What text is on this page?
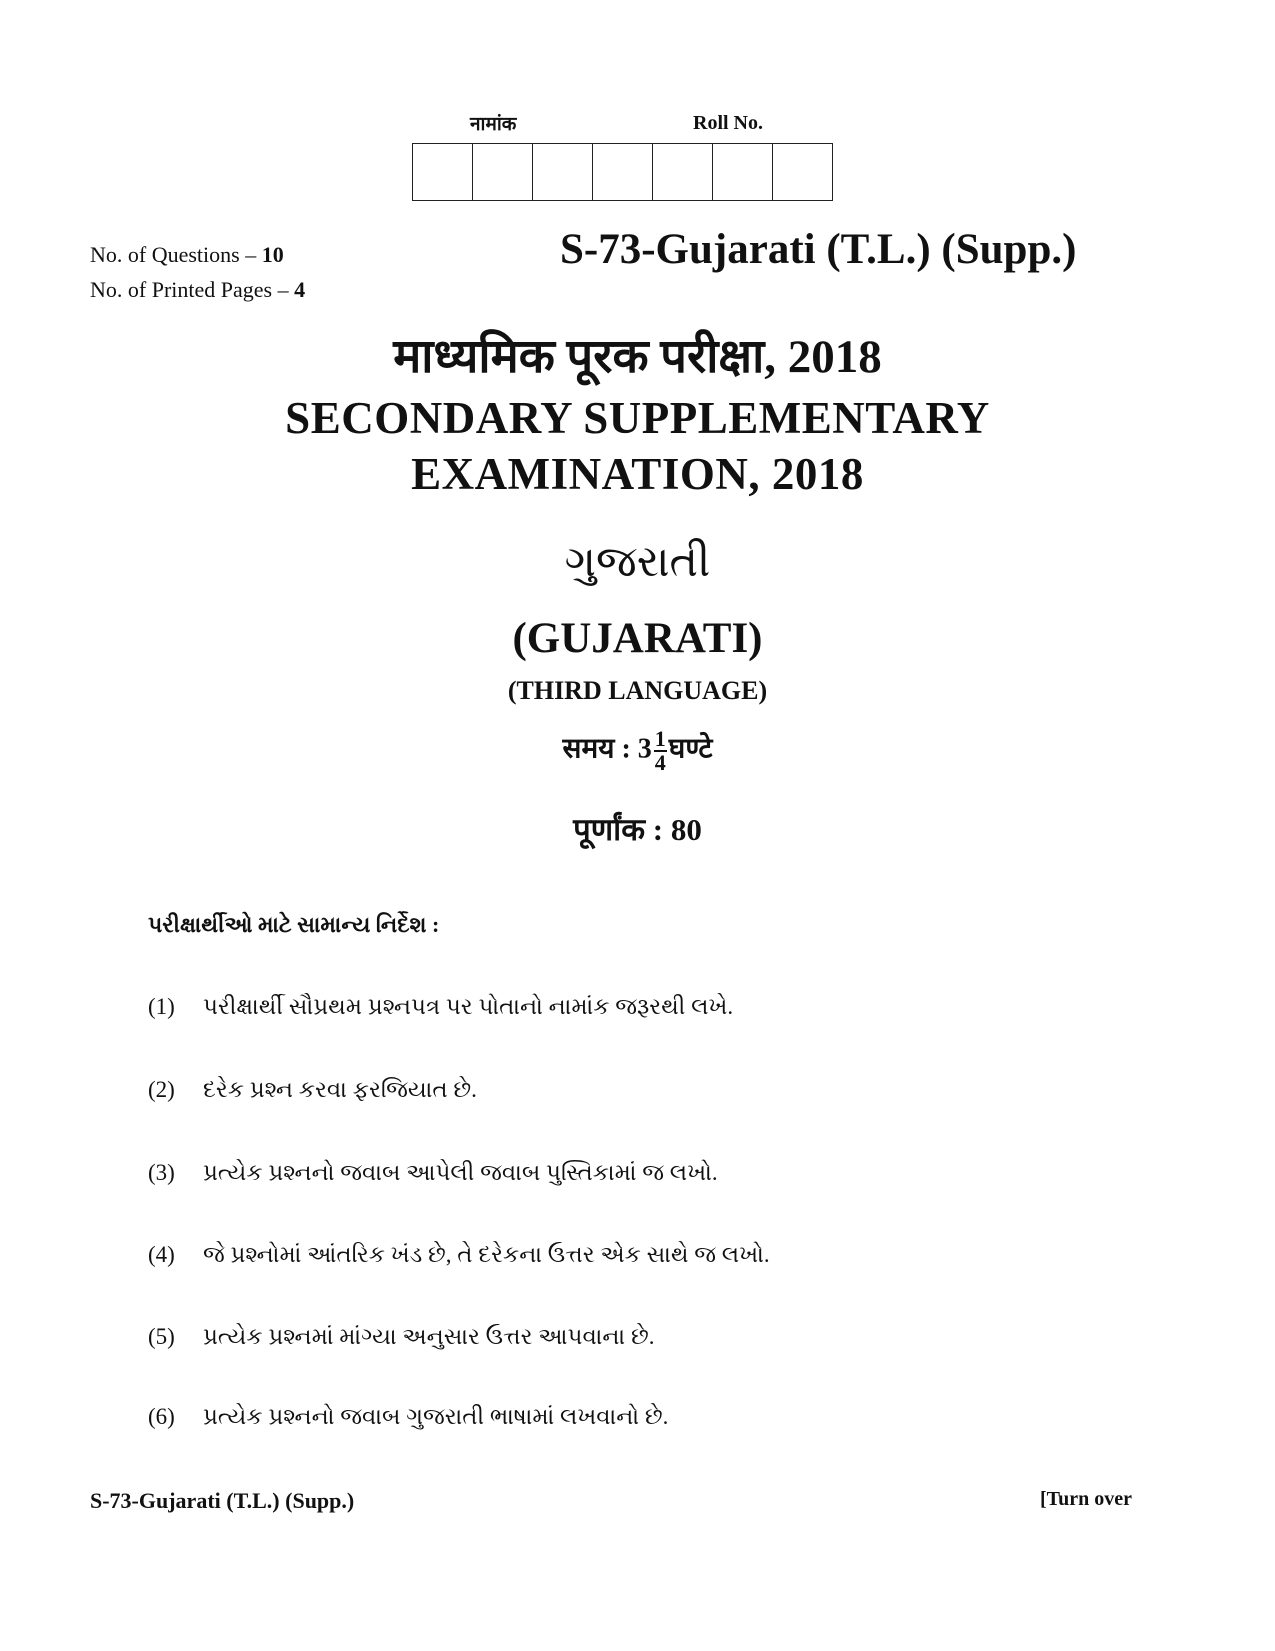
नामांक	Roll No.
No. of Questions – 10
No. of Printed Pages – 4
S-73-Gujarati (T.L.) (Supp.)
माध्यमिक पूरक परीक्षा, 2018
SECONDARY SUPPLEMENTARY
EXAMINATION, 2018
ગુજરાતી
(GUJARATI)
(THIRD LANGUAGE)
समय : $3 \frac{1}{4}$ घण्टे
पूर्णांक : 80
પરીક્ષાર્થીઓ માટે સામાન્ય નિર્દેશ :
(1)	પરીક્ષાર્થી સૌપ્રથમ પ્રશ્નપત્ર પર પોતાનો નામાંક જરૂરથી લખે.
(2)	દરેક પ્રશ્ન કરવા ફરજિયાત છે.
(3)	પ્રત્યેક પ્રશ્નનો જવાબ આપેલી જવાબ પુસ્તિકામાં જ લખો.
(4)	જે પ્રશ્નોમાં આંતરિક ખંડ છે, તે દરેકના ઉત્તર એક સાથે જ લખો.
(5)	પ્રત્યેક પ્રશ્નમાં માંગ્યા અનુસાર ઉત્તર આપવાના છે.
(6)	પ્રત્યેક પ્રશ્નનો જવાબ ગુજરાતી ભાષામાં લખવાનો છે.
S-73-Gujarati (T.L.) (Supp.)	[Turn over
